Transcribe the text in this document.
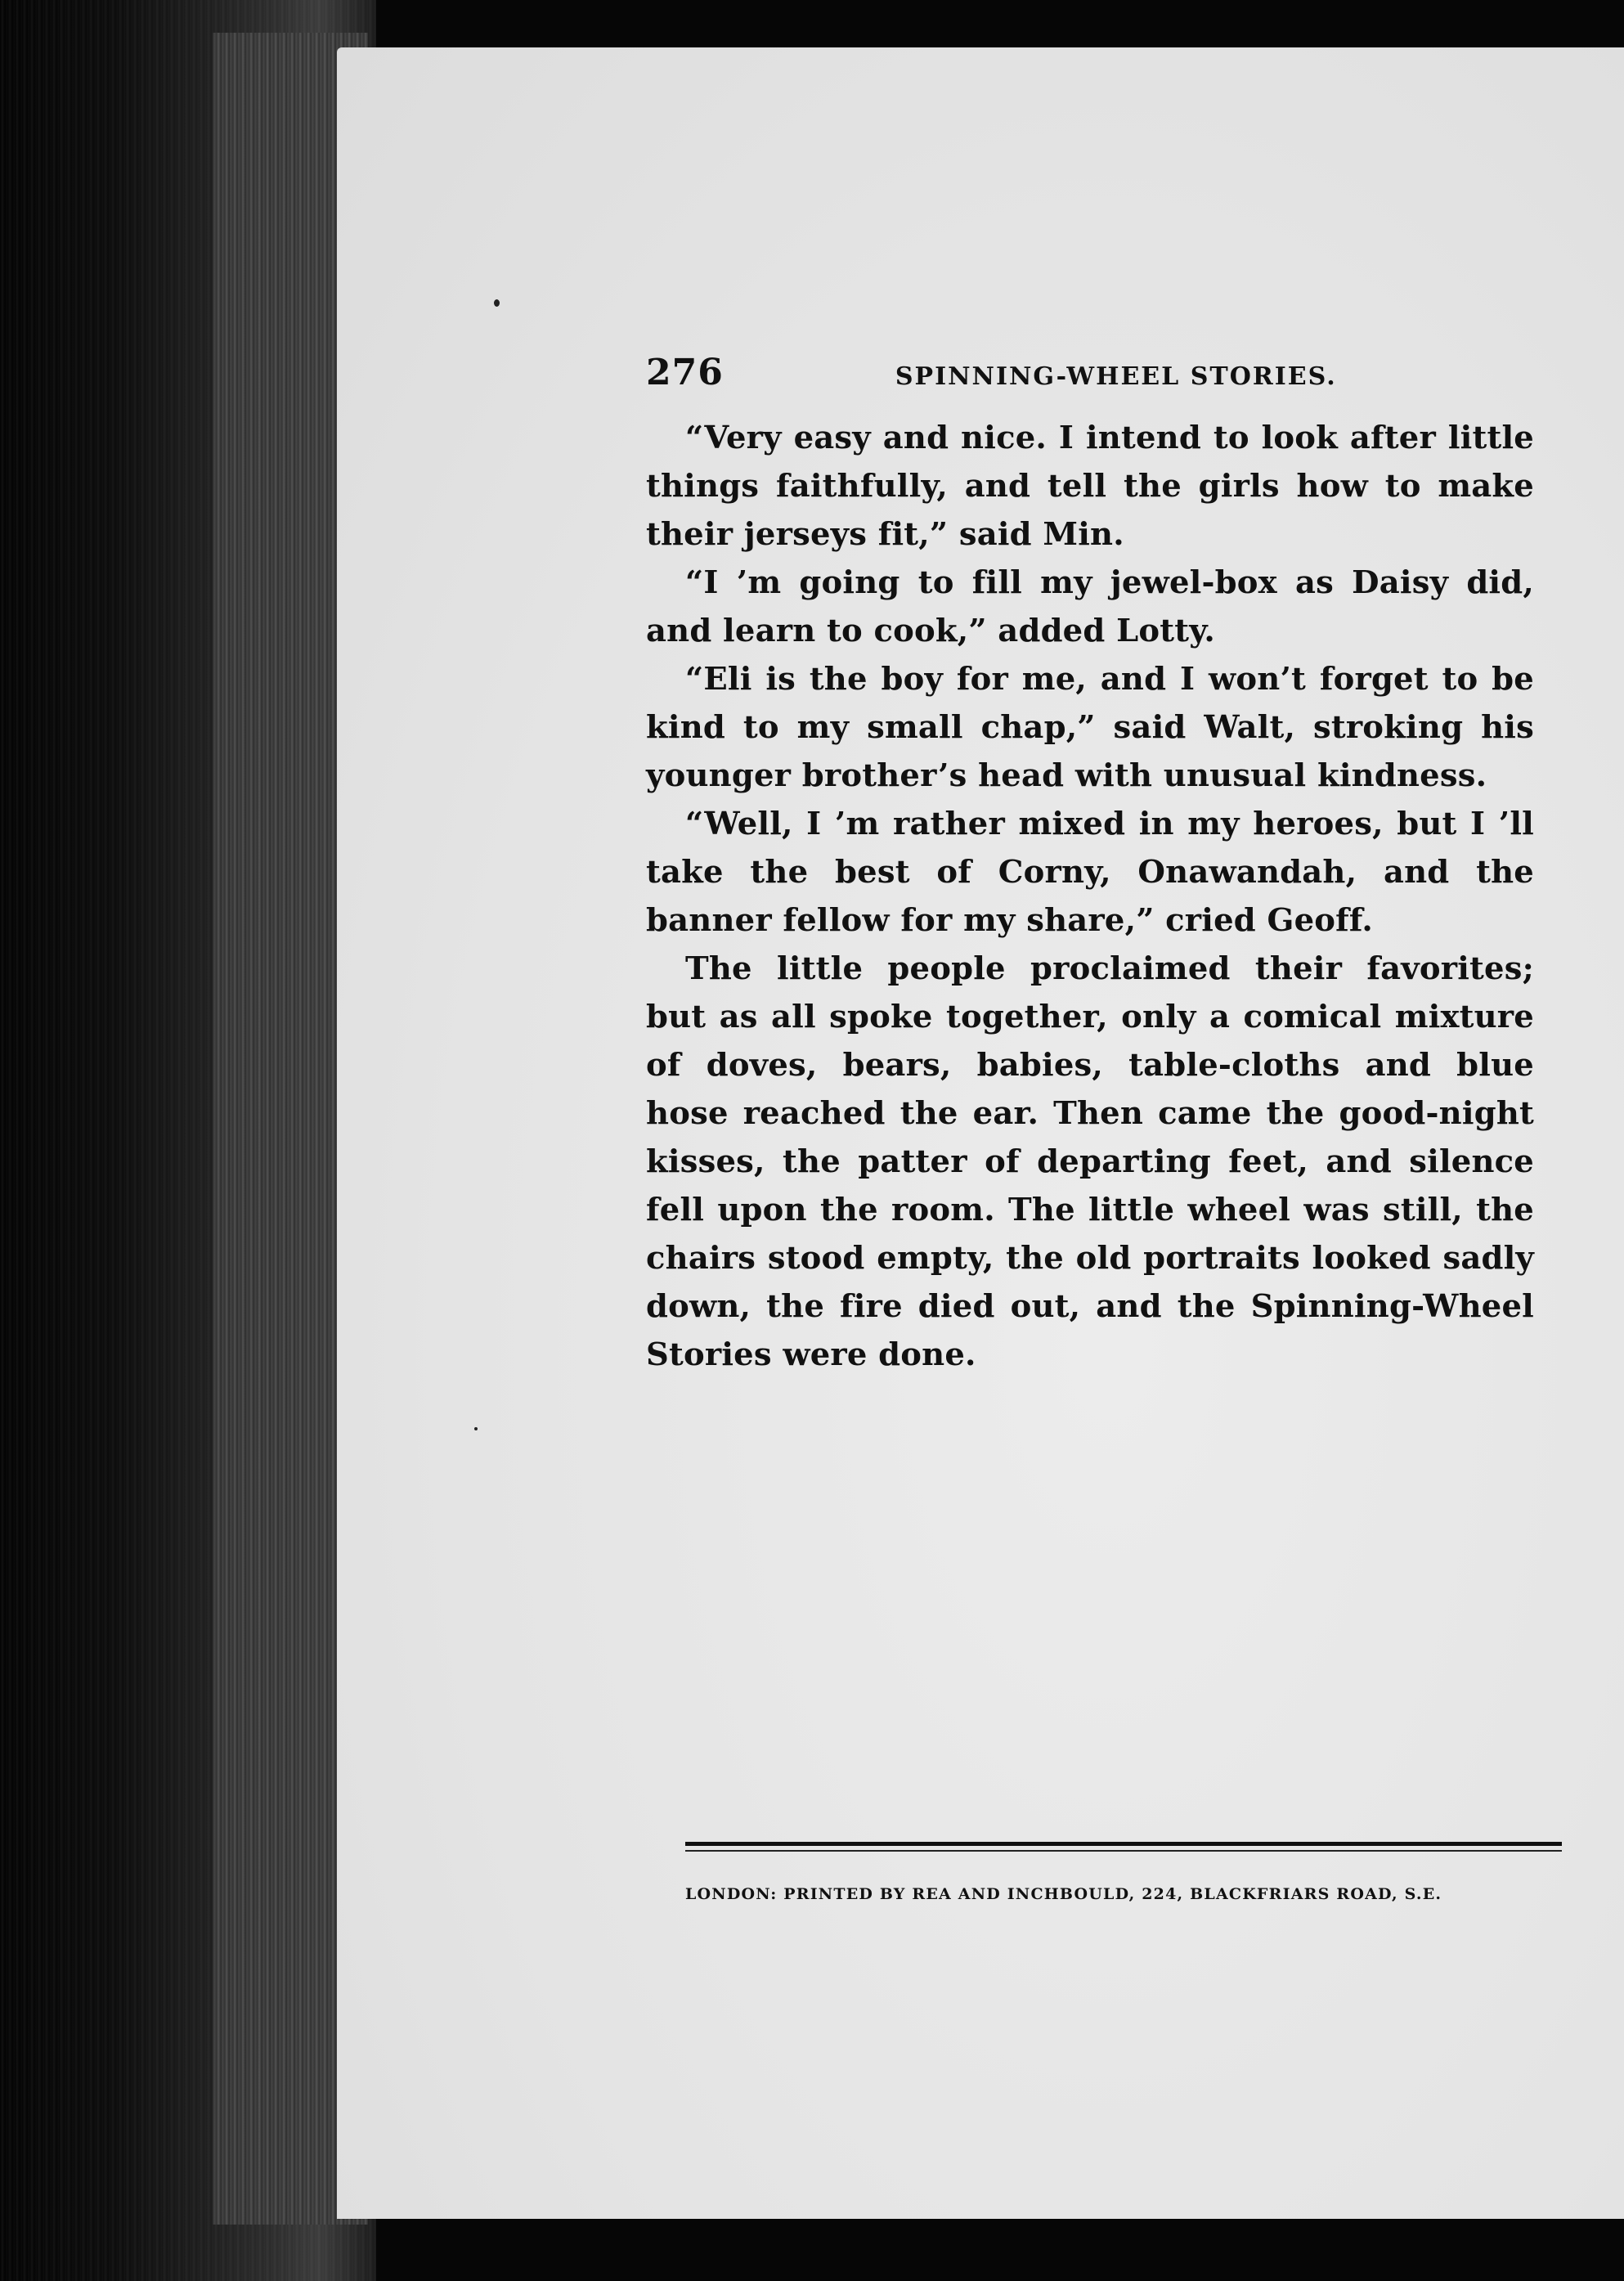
276	SPINNING-WHEEL STORIES.

“Very easy and nice. I intend to look after little things faithfully, and tell the girls how to make their jerseys fit,” said Min.

“I ’m going to fill my jewel-box as Daisy did, and learn to cook,” added Lotty.

“Eli is the boy for me, and I won’t forget to be kind to my small chap,” said Walt, stroking his younger brother’s head with unusual kindness.

“Well, I ’m rather mixed in my heroes, but I ’ll take the best of Corny, Onawandah, and the banner fellow for my share,” cried Geoff.

The little people proclaimed their favorites; but as all spoke together, only a comical mixture of doves, bears, babies, table-cloths and blue hose reached the ear. Then came the good-night kisses, the patter of departing feet, and silence fell upon the room. The little wheel was still, the chairs stood empty, the old portraits looked sadly down, the fire died out, and the Spinning-Wheel Stories were done.

LONDON: PRINTED BY REA AND INCHBOULD, 224, BLACKFRIARS ROAD, S.E.
